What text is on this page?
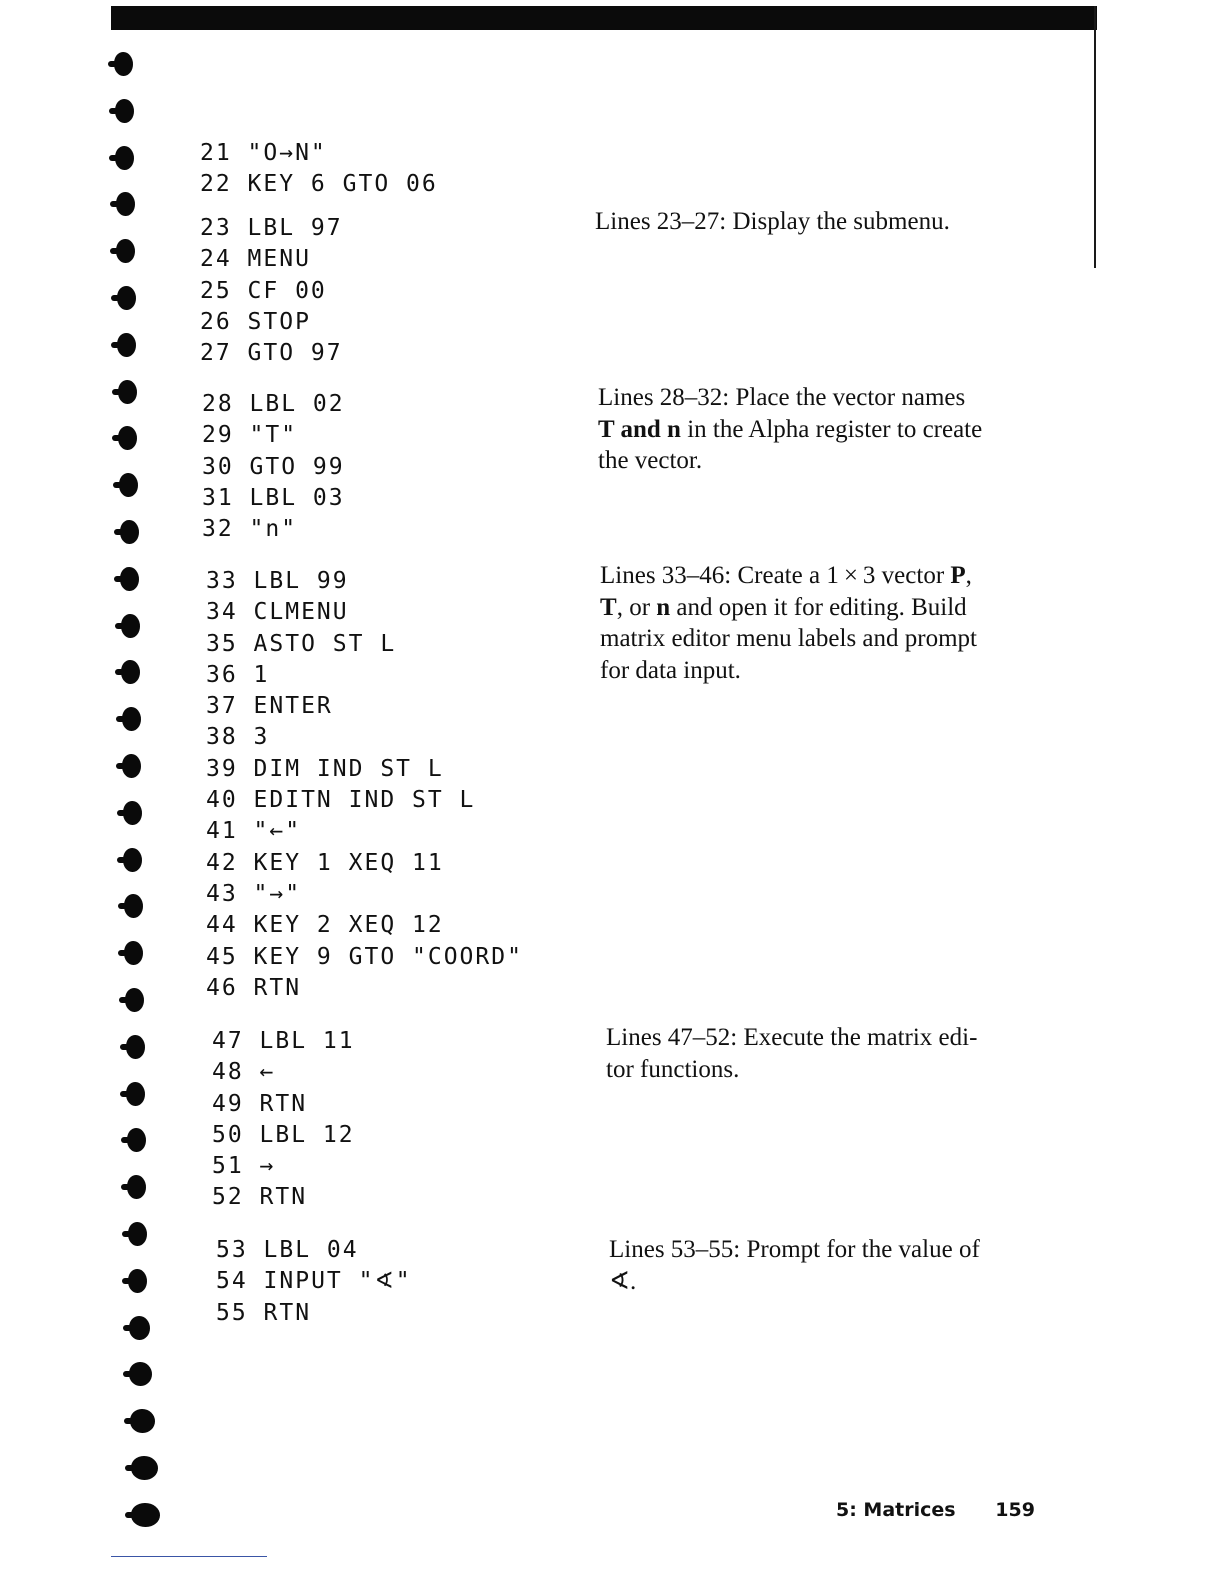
21 "O→N"
22 KEY 6 GTO 06
23 LBL 97
24 MENU
25 CF 00
26 STOP
27 GTO 97
28 LBL 02
29 "T"
30 GTO 99
31 LBL 03
32 "n"
33 LBL 99
34 CLMENU
35 ASTO ST L
36 1
37 ENTER
38 3
39 DIM IND ST L
40 EDITN IND ST L
41 "←"
42 KEY 1 XEQ 11
43 "→"
44 KEY 2 XEQ 12
45 KEY 9 GTO "COORD"
46 RTN
47 LBL 11
48 ←
49 RTN
50 LBL 12
51 →
52 RTN
53 LBL 04
54 INPUT "∢"
55 RTN
Lines 23–27: Display the submenu.
Lines 28–32: Place the vector names
T and n in the Alpha register to create
the vector.
Lines 33–46: Create a 1 × 3 vector P,
T, or n and open it for editing. Build
matrix editor menu labels and prompt
for data input.
Lines 47–52: Execute the matrix edi-
tor functions.
Lines 53–55: Prompt for the value of
∢.
5: Matrices 159
